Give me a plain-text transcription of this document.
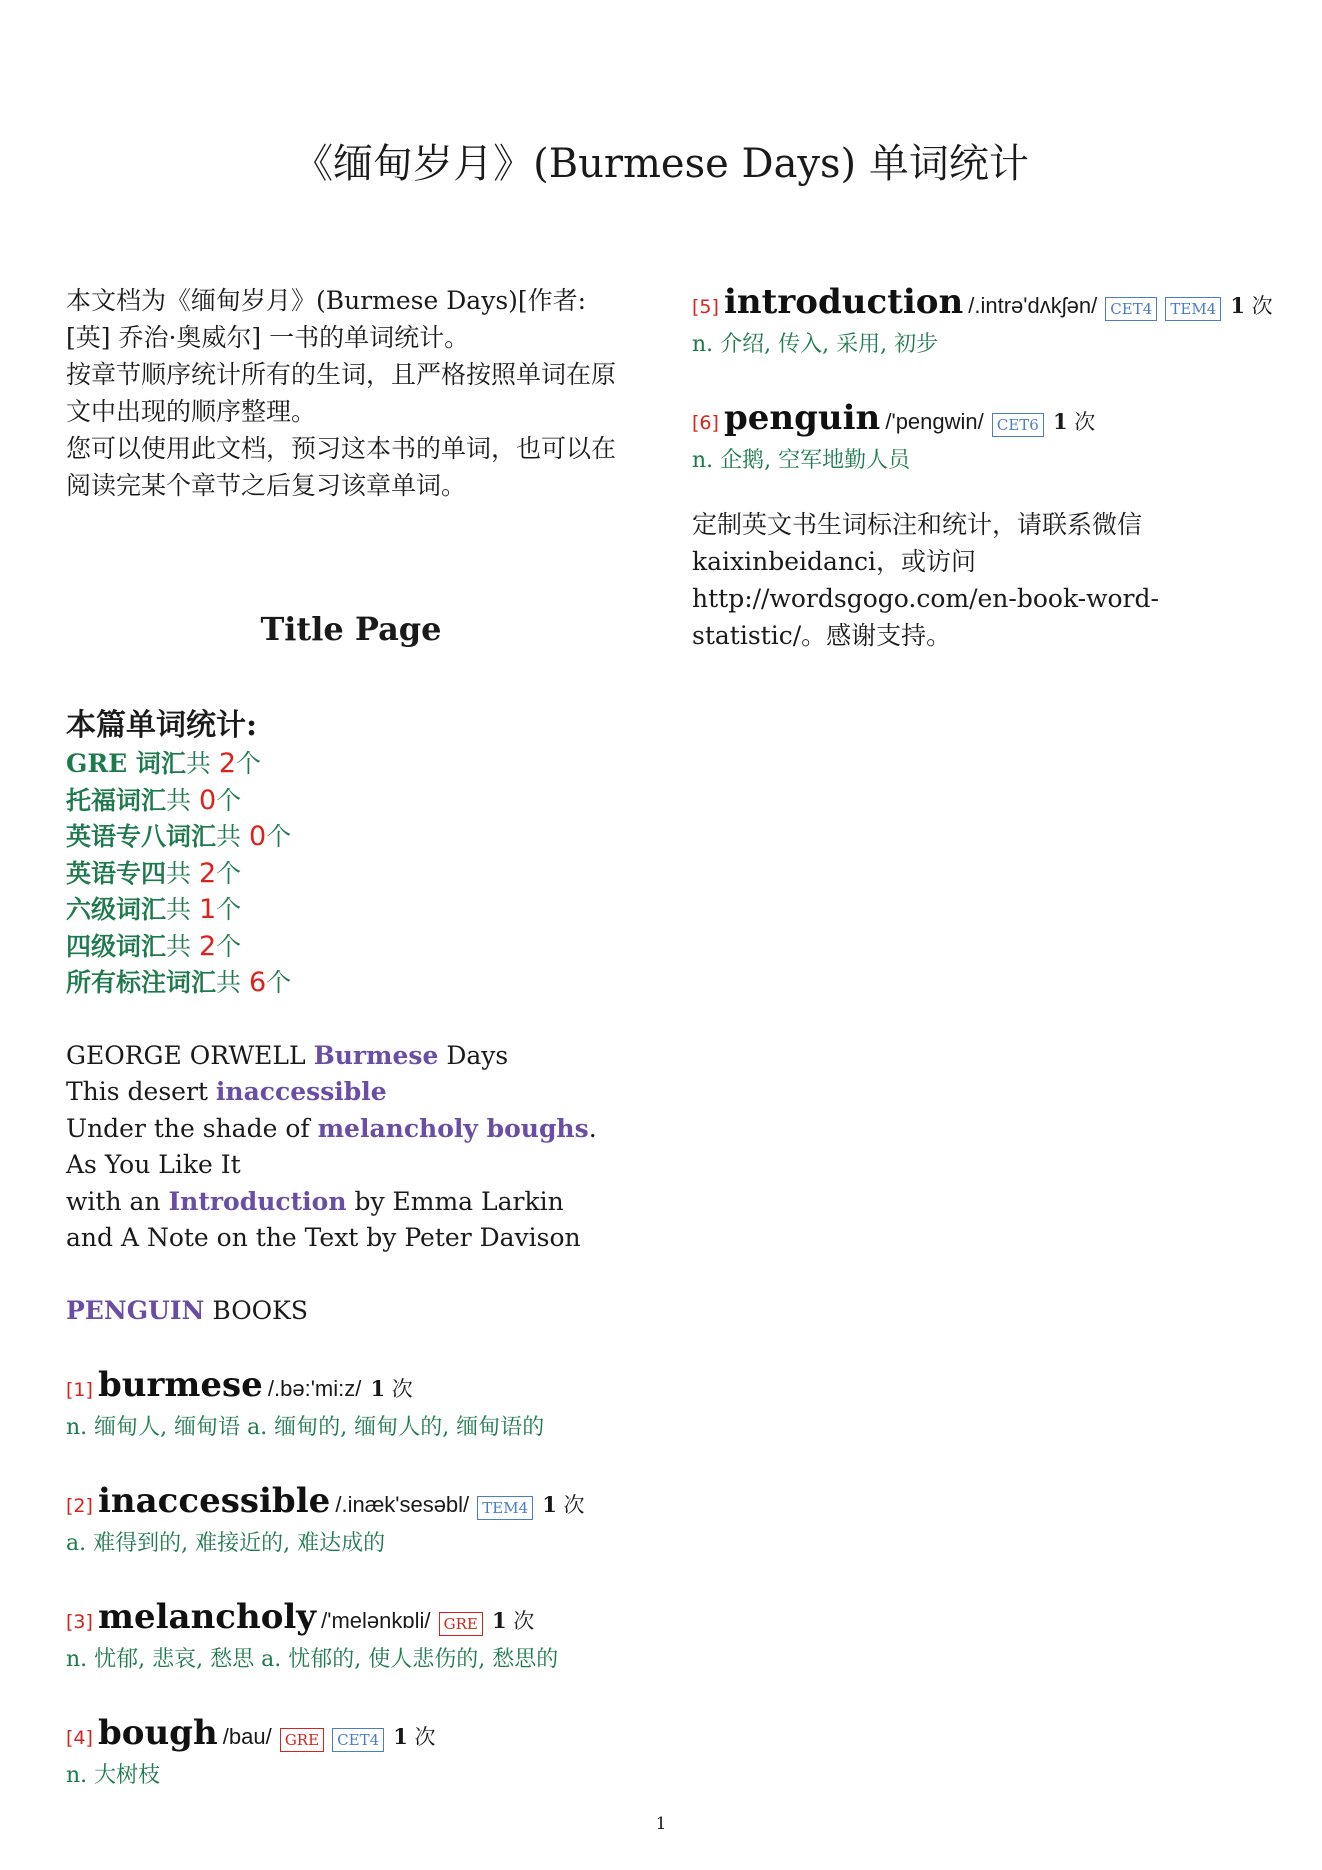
《缅甸岁月》(Burmese Days) 单词统计

本文档为《缅甸岁月》(Burmese Days)[作者: [英] 乔治·奥威尔] 一书的单词统计。

按章节顺序统计所有的生词，且严格按照单词在原文中出现的顺序整理。

您可以使用此文档，预习这本书的单词，也可以在阅读完某个章节之后复习该章单词。

Title Page

本篇单词统计:

GRE 词汇共 2个
托福词汇共 0个
英语专八词汇共 0个
英语专四共 2个
六级词汇共 1个
四级词汇共 2个
所有标注词汇共 6个
GEORGE ORWELL Burmese Days
This desert inaccessible
Under the shade of melancholy boughs.
As You Like It
with an Introduction by Emma Larkin
and A Note on the Text by Peter Davison
PENGUIN BOOKS
[1] burmese /.bə:'mi:z/ 1 次
n. 缅甸人, 缅甸语 a. 缅甸的, 缅甸人的, 缅甸语的
[2] inaccessible /.inæk'sesəbl/ TEM4 1 次
a. 难得到的, 难接近的, 难达成的
[3] melancholy /'melənkɒli/ GRE 1 次
n. 忧郁, 悲哀, 愁思 a. 忧郁的, 使人悲伤的, 愁思的
[4] bough /bau/ GRE CET4 1 次
n. 大树枝
[5] introduction /.intrə'dʌkʃən/ CET4 TEM4 1 次
n. 介绍, 传入, 采用, 初步
[6] penguin /'pengwin/ CET6 1 次
n. 企鹅, 空军地勤人员

定制英文书生词标注和统计，请联系微信 kaixinbeidanci，或访问 http://wordsgogo.com/en-book-word-statistic/。感谢支持。

1
